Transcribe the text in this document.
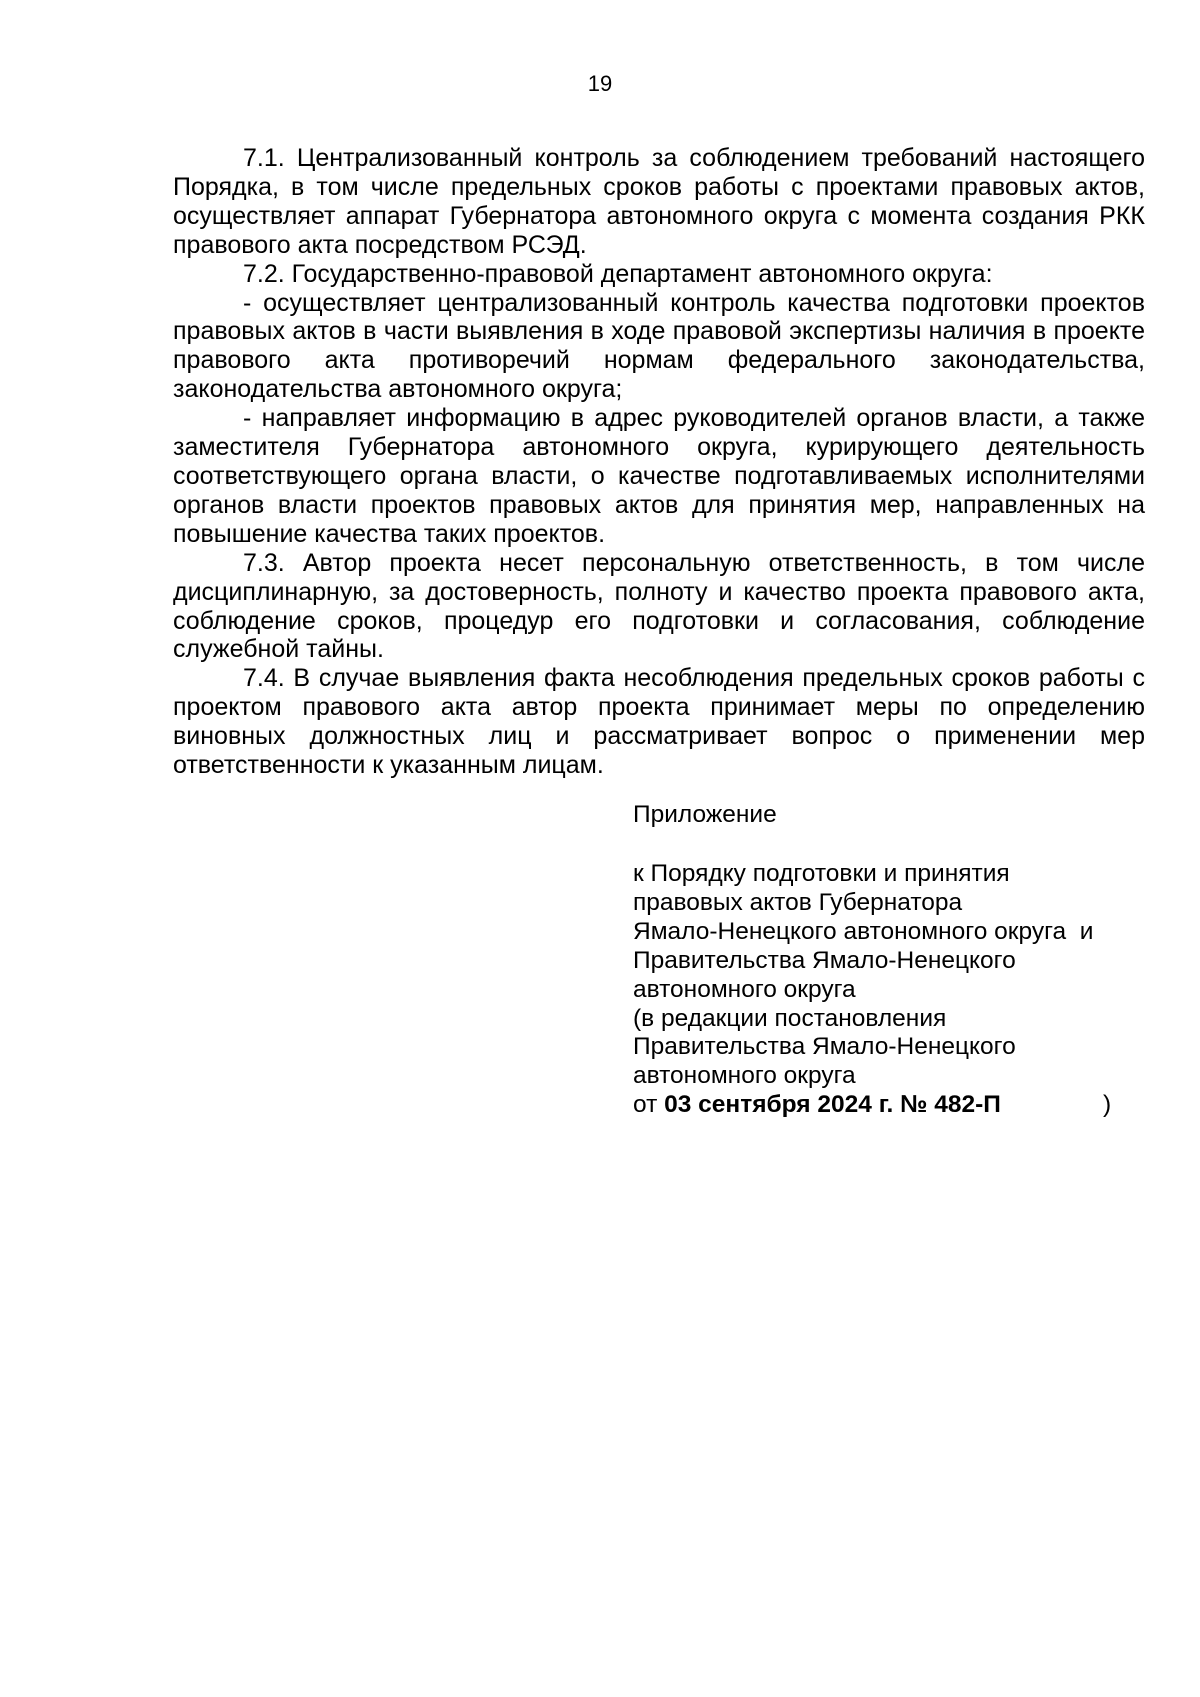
19

7.1. Централизованный контроль за соблюдением требований настоящего Порядка, в том числе предельных сроков работы с проектами правовых актов, осуществляет аппарат Губернатора автономного округа с момента создания РКК правового акта посредством РСЭД.

7.2. Государственно-правовой департамент автономного округа:

- осуществляет централизованный контроль качества подготовки проектов правовых актов в части выявления в ходе правовой экспертизы наличия в проекте правового акта противоречий нормам федерального законодательства, законодательства автономного округа;

- направляет информацию в адрес руководителей органов власти, а также заместителя Губернатора автономного округа, курирующего деятельность соответствующего органа власти, о качестве подготавливаемых исполнителями органов власти проектов правовых актов для принятия мер, направленных на повышение качества таких проектов.

7.3. Автор проекта несет персональную ответственность, в том числе дисциплинарную, за достоверность, полноту и качество проекта правового акта, соблюдение сроков, процедур его подготовки и согласования, соблюдение служебной тайны.

7.4. В случае выявления факта несоблюдения предельных сроков работы с проектом правового акта автор проекта принимает меры по определению виновных должностных лиц и рассматривает вопрос о применении мер ответственности к указанным лицам.

Приложение
к Порядку подготовки и принятия
правовых актов Губернатора
Ямало-Ненецкого автономного округа  и
Правительства Ямало-Ненецкого
автономного округа
(в редакции постановления
Правительства Ямало-Ненецкого
автономного округа
от 03 сентября 2024 г. № 482-П	)
